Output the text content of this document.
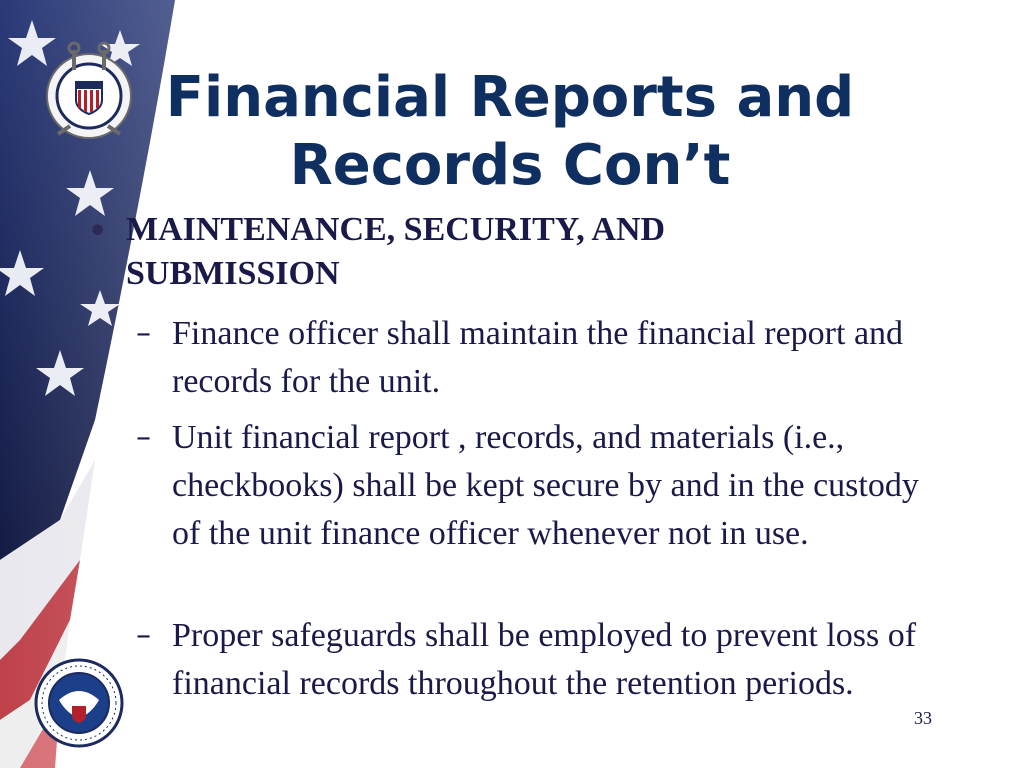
Financial Reports and
Records Con’t
• MAINTENANCE, SECURITY, AND SUBMISSION
– Finance officer shall maintain the financial report and records for the unit.
– Unit financial report , records, and materials (i.e., checkbooks) shall be kept secure by and in the custody of the unit finance officer whenever not in use.
– Proper safeguards shall be employed to prevent loss of financial records throughout the retention periods.
33
